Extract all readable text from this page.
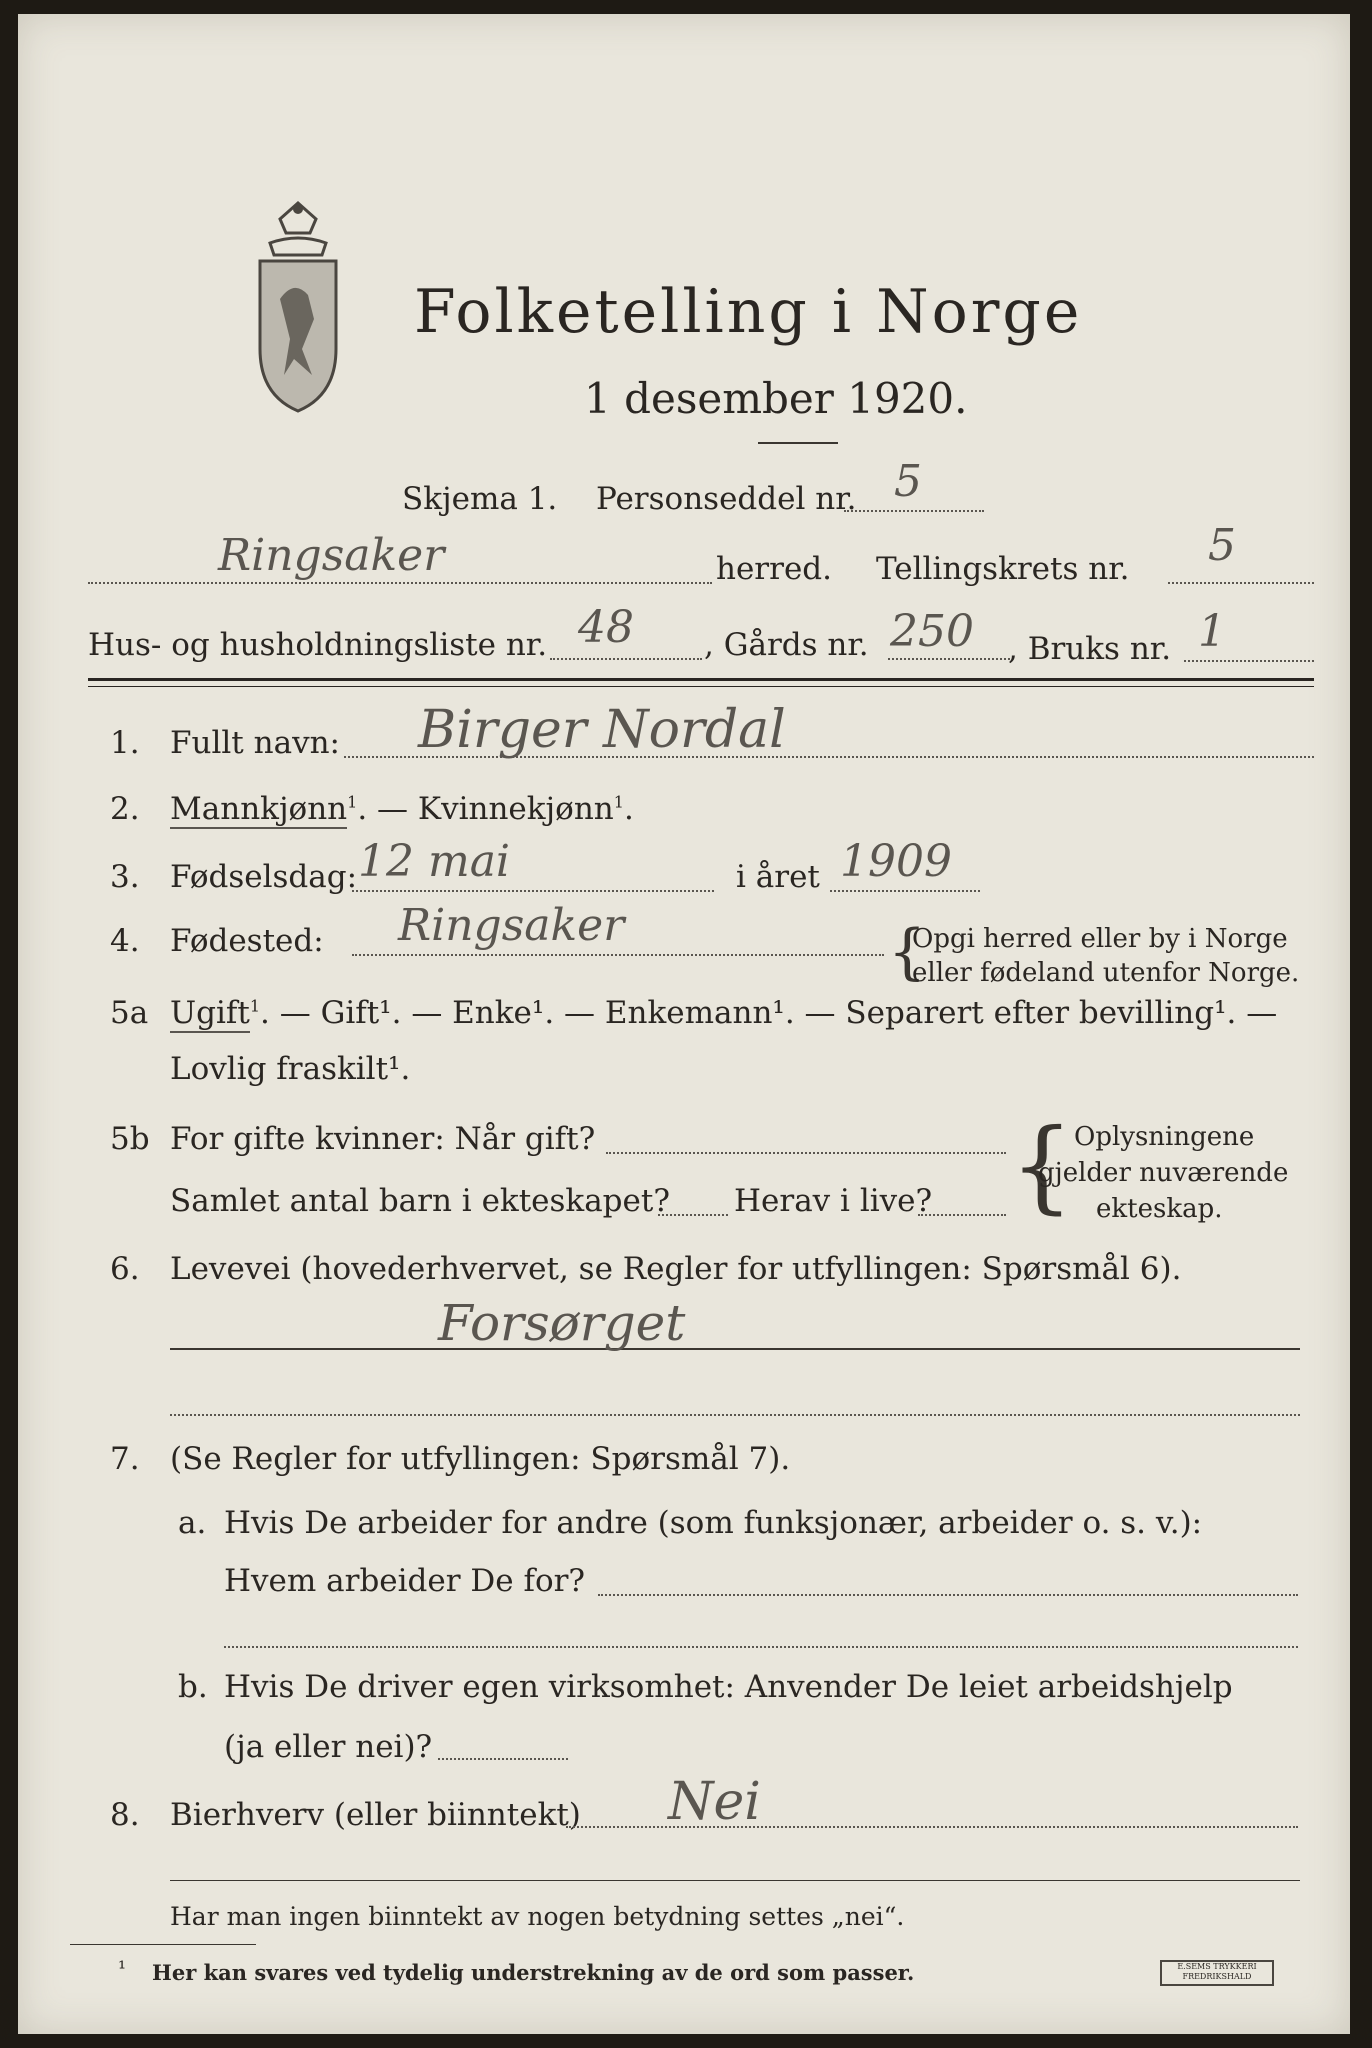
Folketelling i Norge
1 desember 1920.
Skjema 1. Personseddel nr. 5
Ringsaker	herred. Tellingskrets nr. 5
Hus- og husholdningsliste nr. 48 , Gårds nr. 250 , Bruks nr. 1
1. Fullt navn: Birger Nordal
2. Mannkjønn$^1$. — Kvinnekjønn$^1$.
3. Fødselsdag: 12 mai	i året 1909
4. Fødested: Ringsaker	{
Opgi herred eller by i Norge
eller fødeland utenfor Norge.
5a Ugift$^1$. — Gift¹. — Enke¹. — Enkemann¹. — Separert efter bevilling¹. —
Lovlig fraskilt¹.
5b For gifte kvinner: Når gift?
Samlet antal barn i ekteskapet? Herav i live? { Oplysningene
gjelder nuværende
ekteskap.
6. Levevei (hovederhvervet, se Regler for utfyllingen: Spørsmål 6).
Forsørget
7. (Se Regler for utfyllingen: Spørsmål 7).
a. Hvis De arbeider for andre (som funksjonær, arbeider o. s. v.):
Hvem arbeider De for?
b. Hvis De driver egen virksomhet: Anvender De leiet arbeidshjelp
(ja eller nei)?
8. Bierhverv (eller biinntekt) Nei
Har man ingen biinntekt av nogen betydning settes „nei“.
¹ Her kan svares ved tydelig understrekning av de ord som passer.	E.SEMS TRYKKERI FREDRIKSHALD
